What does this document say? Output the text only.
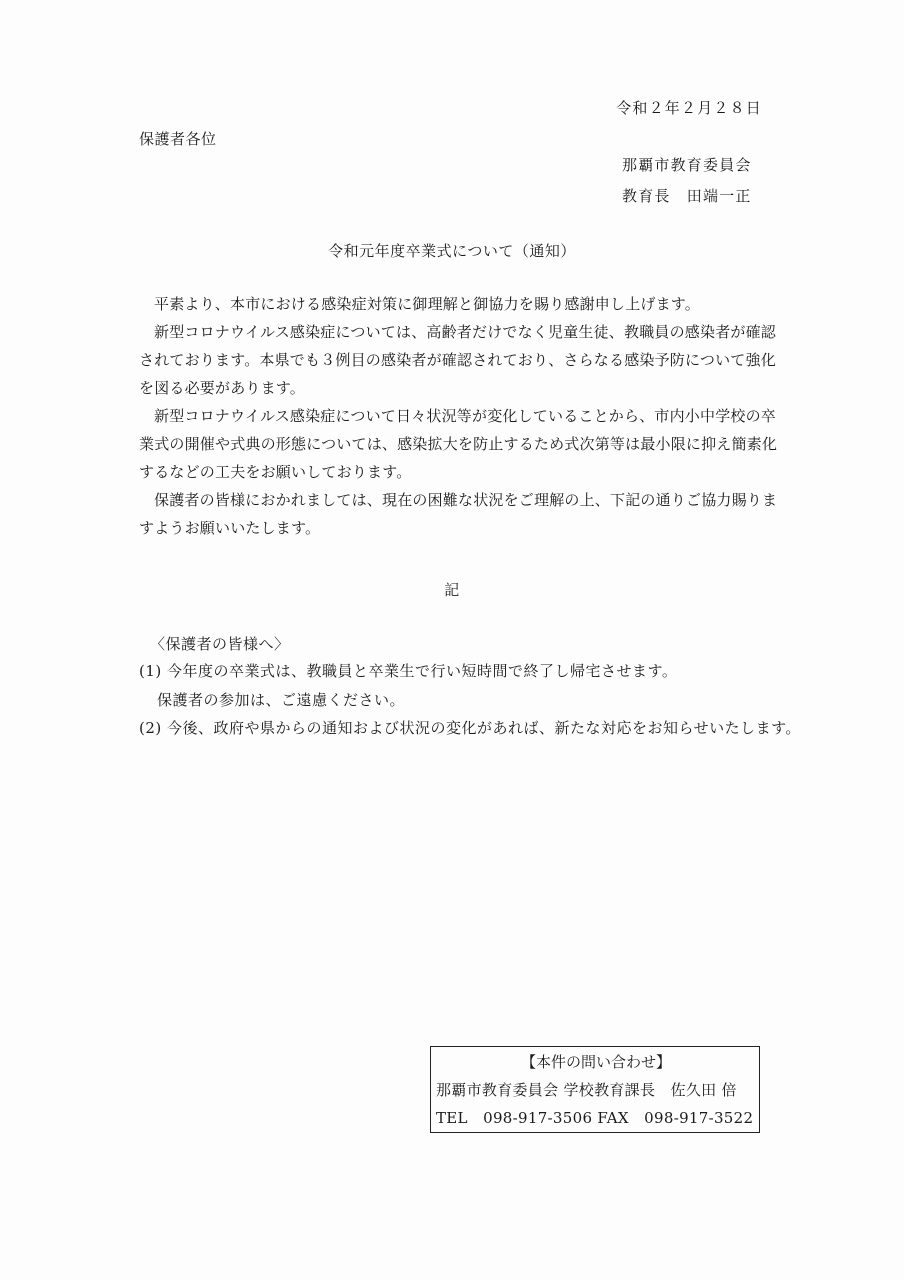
令和２年２月２８日
保護者各位
那覇市教育委員会
教育長　田端一正
令和元年度卒業式について（通知）
平素より、本市における感染症対策に御理解と御協力を賜り感謝申し上げます。
新型コロナウイルス感染症については、高齢者だけでなく児童生徒、教職員の感染者が確認されております。本県でも３例目の感染者が確認されており、さらなる感染予防について強化を図る必要があります。
新型コロナウイルス感染症について日々状況等が変化していることから、市内小中学校の卒業式の開催や式典の形態については、感染拡大を防止するため式次第等は最小限に抑え簡素化するなどの工夫をお願いしております。
保護者の皆様におかれましては、現在の困難な状況をご理解の上、下記の通りご協力賜りますようお願いいたします。
記
〈保護者の皆様へ〉
(1) 今年度の卒業式は、教職員と卒業生で行い短時間で終了し帰宅させます。
保護者の参加は、ご遠慮ください。
(2) 今後、政府や県からの通知および状況の変化があれば、新たな対応をお知らせいたします。
【本件の問い合わせ】
那覇市教育委員会 学校教育課長　佐久田 倍
TEL　098-917-3506 FAX　098-917-3522
